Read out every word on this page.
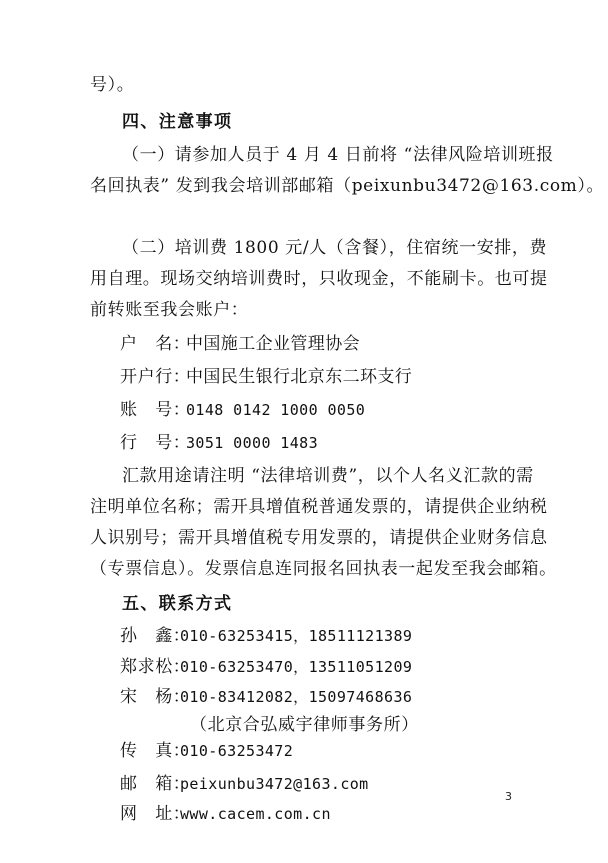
号）。
四、注意事项
（一）请参加人员于 4 月 4 日前将 “法律风险培训班报
名回执表” 发到我会培训部邮箱（peixunbu3472@163.com）。
（二）培训费 1800 元/人（含餐），住宿统一安排，费
用自理。现场交纳培训费时，只收现金，不能刷卡。也可提
前转账至我会账户：
户　名：
中国施工企业管理协会
开户行：
中国民生银行北京东二环支行
账　号：
0148 0142 1000 0050
行　号：
3051 0000 1483
汇款用途请注明 “法律培训费”，以个人名义汇款的需
注明单位名称；需开具增值税普通发票的，请提供企业纳税
人识别号；需开具增值税专用发票的，请提供企业财务信息
（专票信息）。发票信息连同报名回执表一起发至我会邮箱。
五、联系方式
孙　鑫：
010-63253415，18511121389
郑求松：
010-63253470，13511051209
宋　杨：
010-83412082，15097468636
（北京合弘威宇律师事务所）
传　真：
010-63253472
邮　箱：
peixunbu3472@163.com
网　址：
www.cacem.com.cn
3
